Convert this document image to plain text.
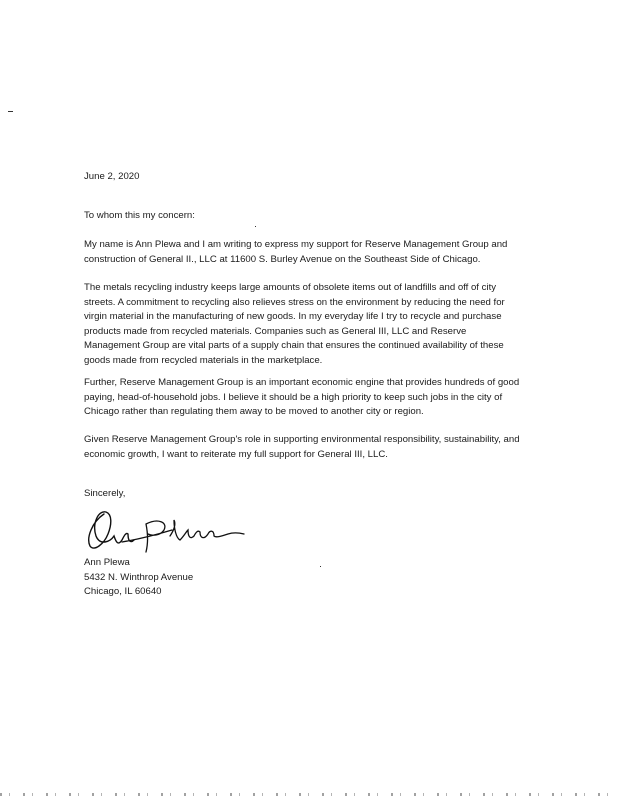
June 2, 2020

To whom this my concern:

My name is Ann Plewa and I am writing to express my support for Reserve Management Group and construction of General II., LLC at 11600 S. Burley Avenue on the Southeast Side of Chicago.

The metals recycling industry keeps large amounts of obsolete items out of landfills and off of city streets. A commitment to recycling also relieves stress on the environment by reducing the need for virgin material in the manufacturing of new goods. In my everyday life I try to recycle and purchase products made from recycled materials. Companies such as General III, LLC and Reserve Management Group are vital parts of a supply chain that ensures the continued availability of these goods made from recycled materials in the marketplace.

Further, Reserve Management Group is an important economic engine that provides hundreds of good paying, head-of-household jobs. I believe it should be a high priority to keep such jobs in the city of Chicago rather than regulating them away to be moved to another city or region.

Given Reserve Management Group's role in supporting environmental responsibility, sustainability, and economic growth, I want to reiterate my full support for General III, LLC.

Sincerely,

Ann Plewa
5432 N. Winthrop Avenue
Chicago, IL 60640
